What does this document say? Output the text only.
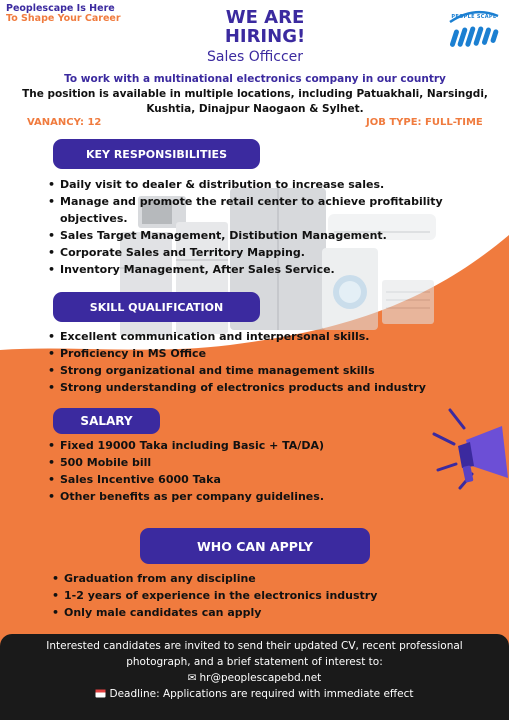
Peoplescape Is Here
To Shape Your Career	PEOPLE SCAPE
WE ARE
HIRING!
Sales Officcer
To work with a multinational electronics company in our country
The position is available in multiple locations, including Patuakhali, Narsingdi,
Kushtia, Dinajpur Naogaon & Sylhet.
VANANCY: 12	JOB TYPE: FULL-TIME
KEY RESPONSIBILITIES
• Daily visit to dealer & distribution to increase sales.
• Manage and promote the retail center to achieve profitability
objectives.
• Sales Target Management, Distibution Management.
• Corporate Sales and Territory Mapping.
• Inventory Management, After Sales Service.
SKILL QUALIFICATION
• Excellent communication and interpersonal skills.
• Proficiency in MS Office
• Strong organizational and time management skills
• Strong understanding of electronics products and industry
SALARY
• Fixed 19000 Taka including Basic + TA/DA)
• 500 Mobile bill
• Sales Incentive 6000 Taka
• Other benefits as per company guidelines.
WHO CAN APPLY
• Graduation from any discipline
• 1-2 years of experience in the electronics industry
• Only male candidates can apply
Interested candidates are invited to send their updated CV, recent professional
photograph, and a brief statement of interest to:
✉ hr@peoplescapebd.net
Deadline: Applications are required with immediate effect
